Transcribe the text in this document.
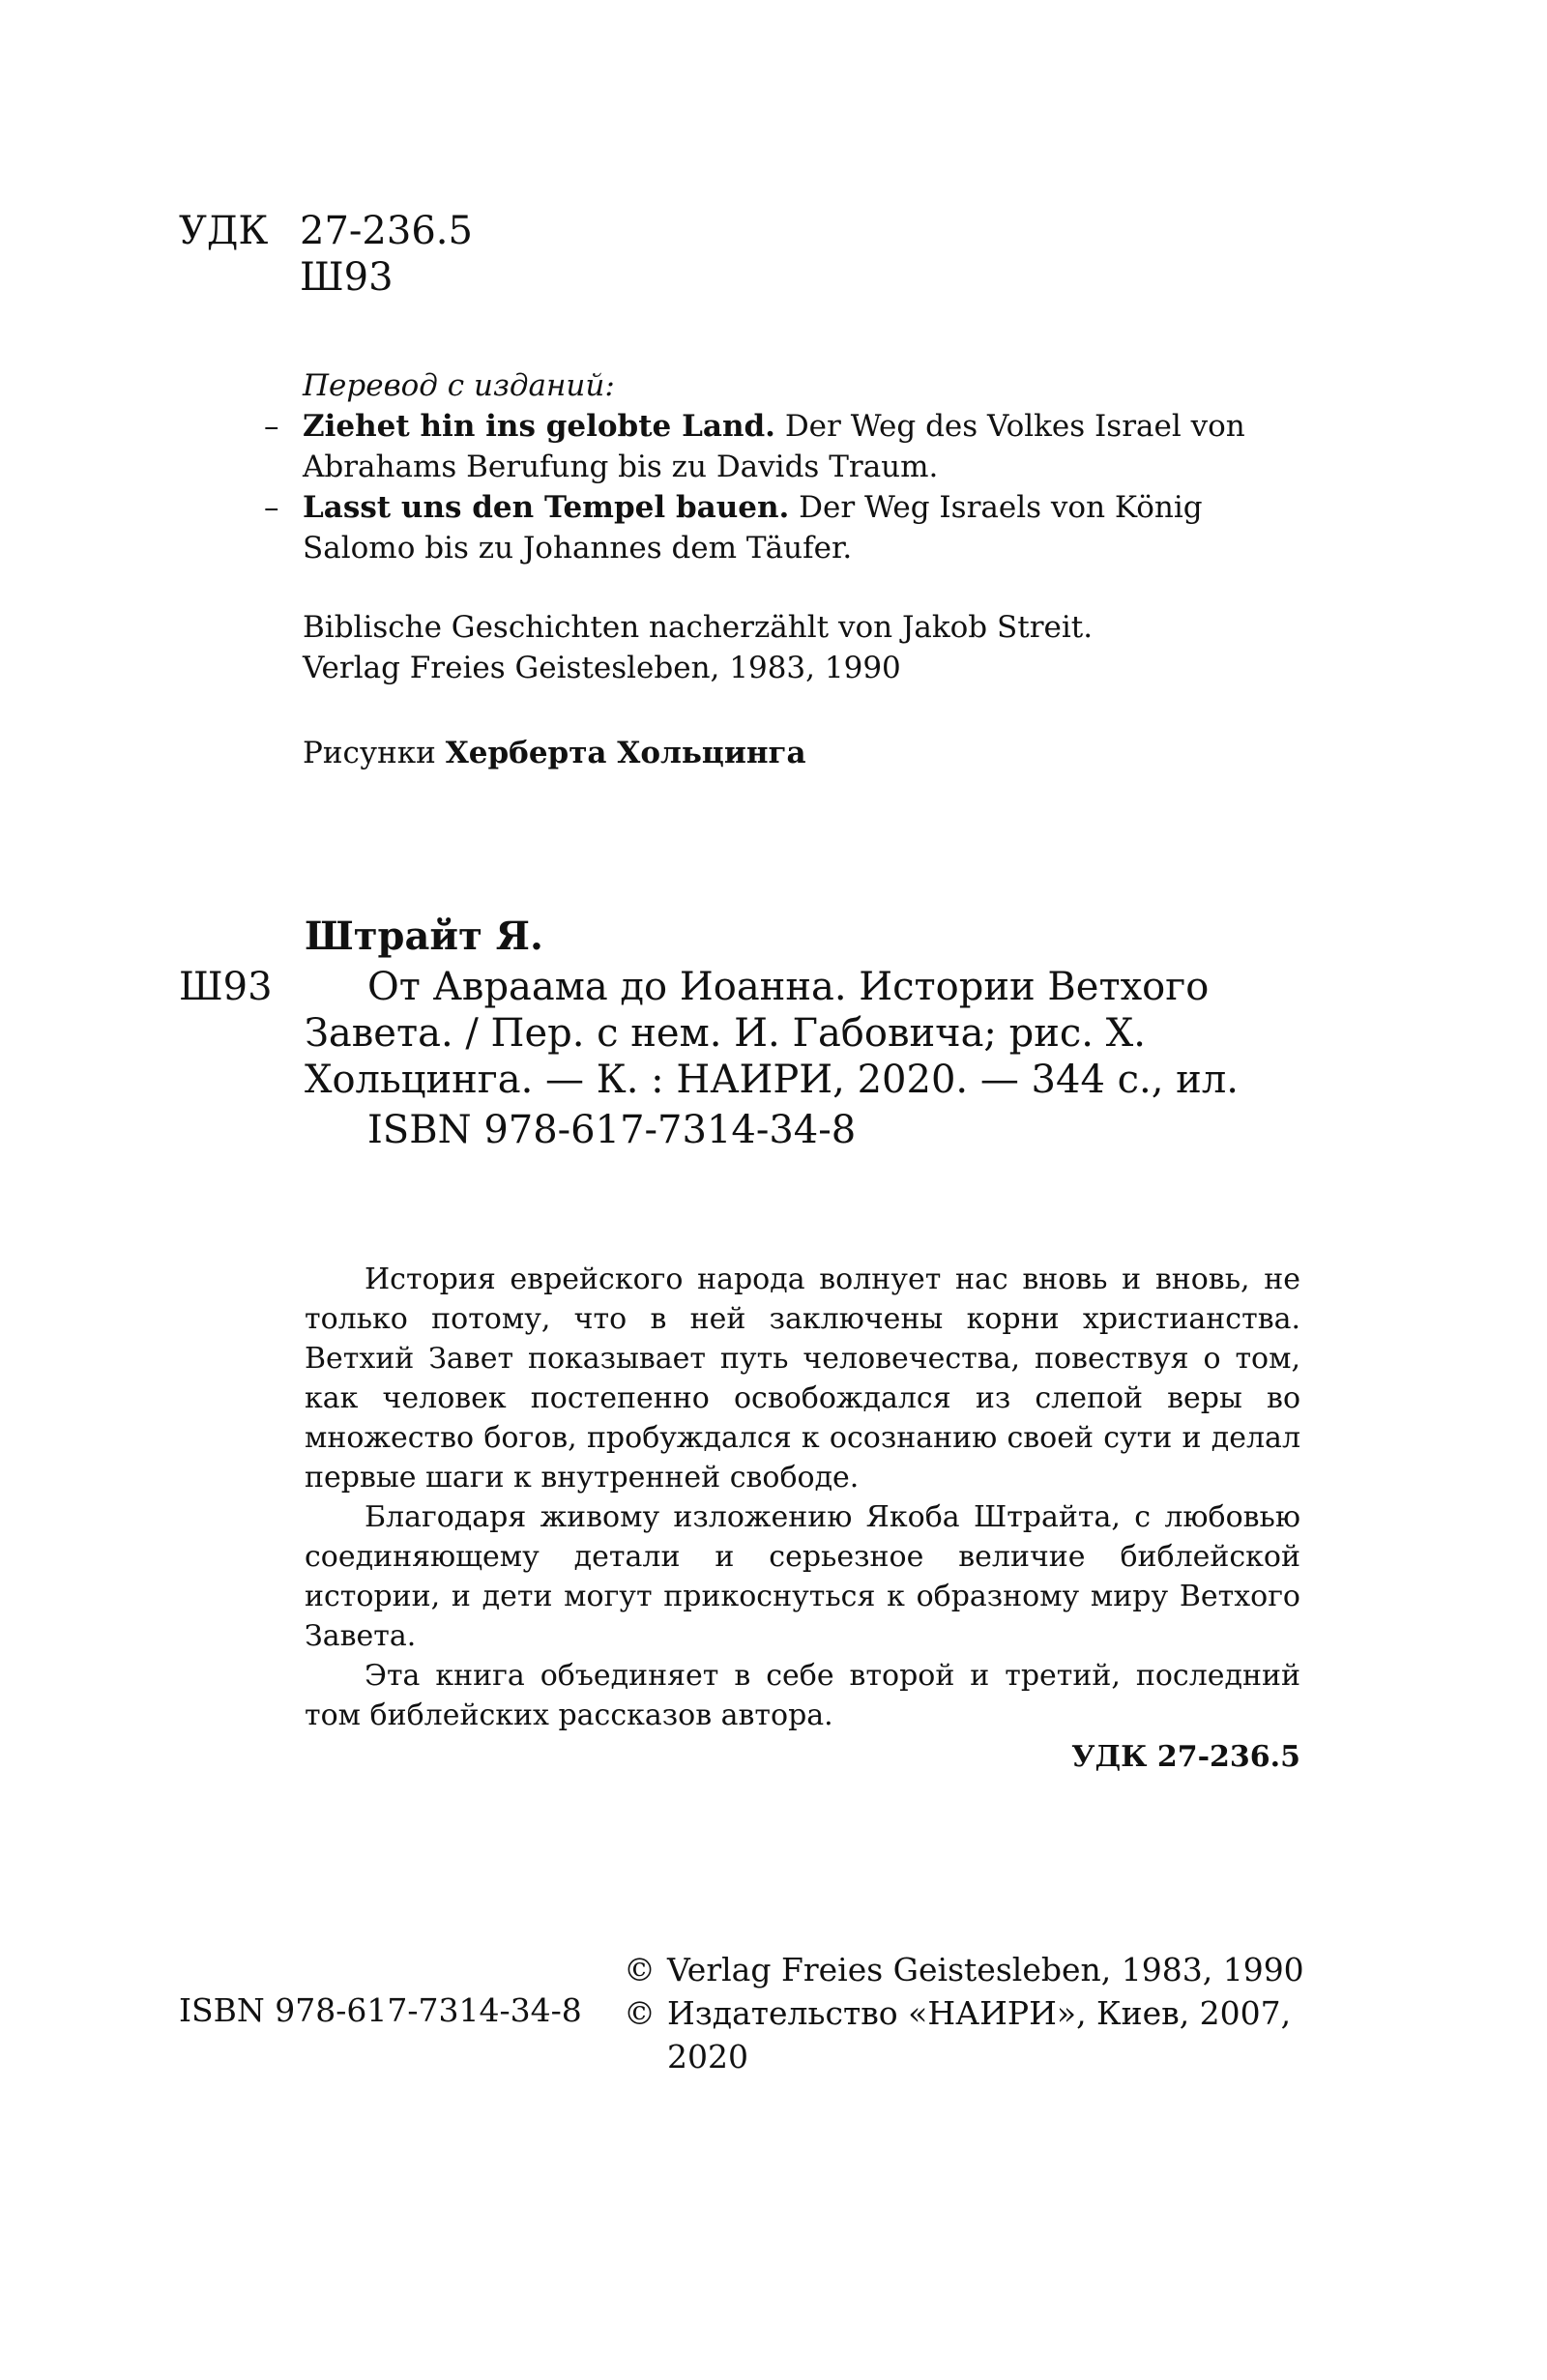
УДК 27-236.5
Ш93
Перевод с изданий:
– Ziehet hin ins gelobte Land. Der Weg des Volkes Israel von Abrahams Berufung bis zu Davids Traum.
– Lasst uns den Tempel bauen. Der Weg Israels von König Salomo bis zu Johannes dem Täufer.
Biblische Geschichten nacherzählt von Jakob Streit.
Verlag Freies Geistesleben, 1983, 1990
Рисунки Херберта Хольцинга
Штрайт Я.
Ш93	От Авраама до Иоанна. Истории Ветхого Завета. / Пер. с нем. И. Габовича; рис. Х. Хольцинга. — К. : НАИРИ, 2020. — 344 с., ил.
ISBN 978-617-7314-34-8

История еврейского народа волнует нас вновь и вновь, не только потому, что в ней заключены корни христианства. Ветхий Завет показывает путь человечества, повествуя о том, как человек постепенно освобождался из слепой веры во множество богов, пробуждался к осознанию своей сути и делал первые шаги к внутренней свободе.

Благодаря живому изложению Якоба Штрайта, с любовью соединяющему детали и серьезное величие библейской истории, и дети могут прикоснуться к образному миру Ветхого Завета.

Эта книга объединяет в себе второй и третий, последний том библейских рассказов автора.

УДК 27-236.5
ISBN 978-617-7314-34-8
© Verlag Freies Geistesleben, 1983, 1990
© Издательство «НАИРИ», Киев, 2007, 2020
